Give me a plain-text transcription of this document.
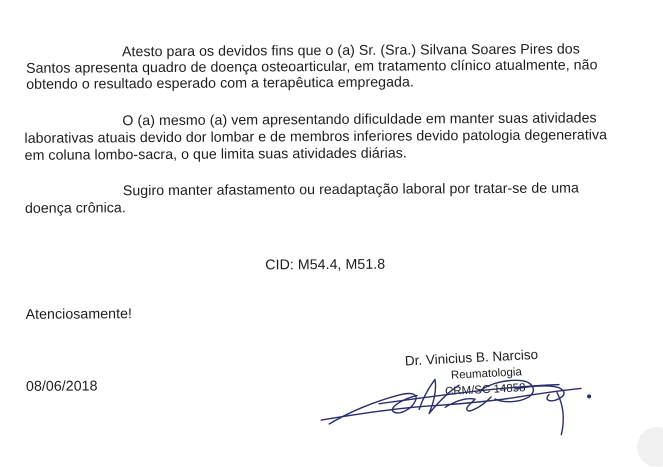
Atesto para os devidos fins que o (a) Sr. (Sra.) Silvana Soares Pires dos
Santos apresenta quadro de doença osteoarticular, em tratamento clínico atualmente, não
obtendo o resultado esperado com a terapêutica empregada.
O (a) mesmo (a) vem apresentando dificuldade em manter suas atividades
laborativas atuais devido dor lombar e de membros inferiores devido patologia degenerativa
em coluna lombo-sacra, o que limita suas atividades diárias.
Sugiro manter afastamento ou readaptação laboral por tratar-se de uma
doença crônica.
CID: M54.4, M51.8
Atenciosamente!
08/06/2018
Dr. Vinicius B. Narciso
Reumatologia
CRM/SC 14858
